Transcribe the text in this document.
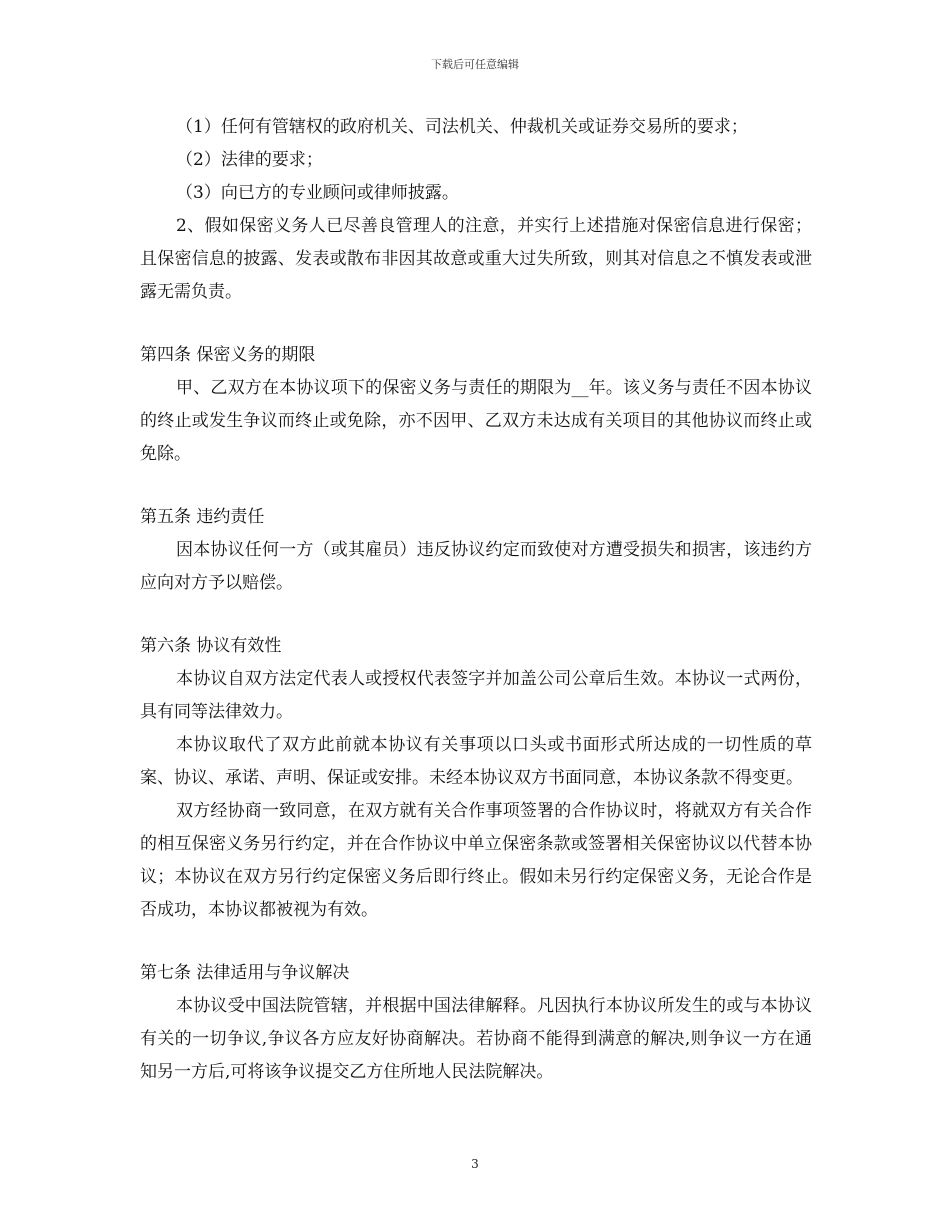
下载后可任意编辑

（1）任何有管辖权的政府机关、司法机关、仲裁机关或证券交易所的要求；

（2）法律的要求；

（3）向已方的专业顾问或律师披露。

2、假如保密义务人已尽善良管理人的注意，并实行上述措施对保密信息进行保密；且保密信息的披露、发表或散布非因其故意或重大过失所致，则其对信息之不慎发表或泄露无需负责。

第四条 保密义务的期限

甲、乙双方在本协议项下的保密义务与责任的期限为__年。该义务与责任不因本协议的终止或发生争议而终止或免除，亦不因甲、乙双方未达成有关项目的其他协议而终止或免除。

第五条 违约责任

因本协议任何一方（或其雇员）违反协议约定而致使对方遭受损失和损害，该违约方应向对方予以赔偿。

第六条 协议有效性

本协议自双方法定代表人或授权代表签字并加盖公司公章后生效。本协议一式两份，具有同等法律效力。

本协议取代了双方此前就本协议有关事项以口头或书面形式所达成的一切性质的草案、协议、承诺、声明、保证或安排。未经本协议双方书面同意，本协议条款不得变更。

双方经协商一致同意，在双方就有关合作事项签署的合作协议时，将就双方有关合作的相互保密义务另行约定，并在合作协议中单立保密条款或签署相关保密协议以代替本协议；本协议在双方另行约定保密义务后即行终止。假如未另行约定保密义务，无论合作是否成功，本协议都被视为有效。

第七条 法律适用与争议解决

本协议受中国法院管辖，并根据中国法律解释。凡因执行本协议所发生的或与本协议有关的一切争议,争议各方应友好协商解决。若协商不能得到满意的解决,则争议一方在通知另一方后,可将该争议提交乙方住所地人民法院解决。

3
